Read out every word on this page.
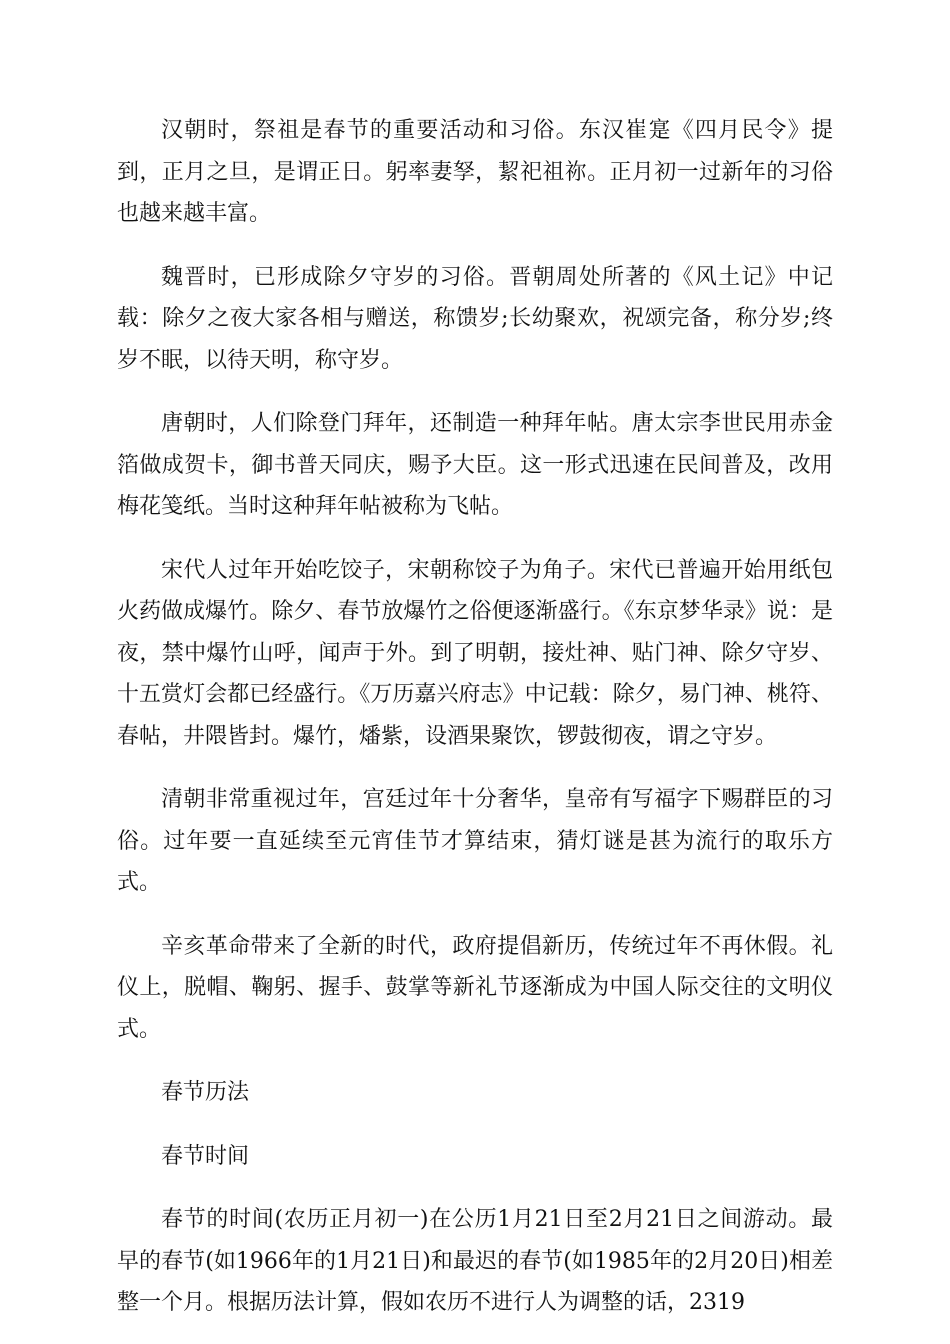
汉朝时，祭祖是春节的重要活动和习俗。东汉崔寔《四月民令》提到，正月之旦，是谓正日。躬率妻孥，絜祀祖祢。正月初一过新年的习俗也越来越丰富。

魏晋时，已形成除夕守岁的习俗。晋朝周处所著的《风土记》中记载：除夕之夜大家各相与赠送，称馈岁;长幼聚欢，祝颂完备，称分岁;终岁不眠，以待天明，称守岁。

唐朝时，人们除登门拜年，还制造一种拜年帖。唐太宗李世民用赤金箔做成贺卡，御书普天同庆，赐予大臣。这一形式迅速在民间普及，改用梅花笺纸。当时这种拜年帖被称为飞帖。

宋代人过年开始吃饺子，宋朝称饺子为角子。宋代已普遍开始用纸包火药做成爆竹。除夕、春节放爆竹之俗便逐渐盛行。《东京梦华录》说：是夜，禁中爆竹山呼，闻声于外。到了明朝，接灶神、贴门神、除夕守岁、十五赏灯会都已经盛行。《万历嘉兴府志》中记载：除夕，易门神、桃符、春帖，井隈皆封。爆竹，燔紫，设酒果聚饮，锣鼓彻夜，谓之守岁。

清朝非常重视过年，宫廷过年十分奢华，皇帝有写福字下赐群臣的习俗。过年要一直延续至元宵佳节才算结束，猜灯谜是甚为流行的取乐方式。

辛亥革命带来了全新的时代，政府提倡新历，传统过年不再休假。礼仪上，脱帽、鞠躬、握手、鼓掌等新礼节逐渐成为中国人际交往的文明仪式。

春节历法

春节时间

春节的时间(农历正月初一)在公历1月21日至2月21日之间游动。最早的春节(如1966年的1月21日)和最迟的春节(如1985年的2月20日)相差整一个月。根据历法计算，假如农历不进行人为调整的话，2319
